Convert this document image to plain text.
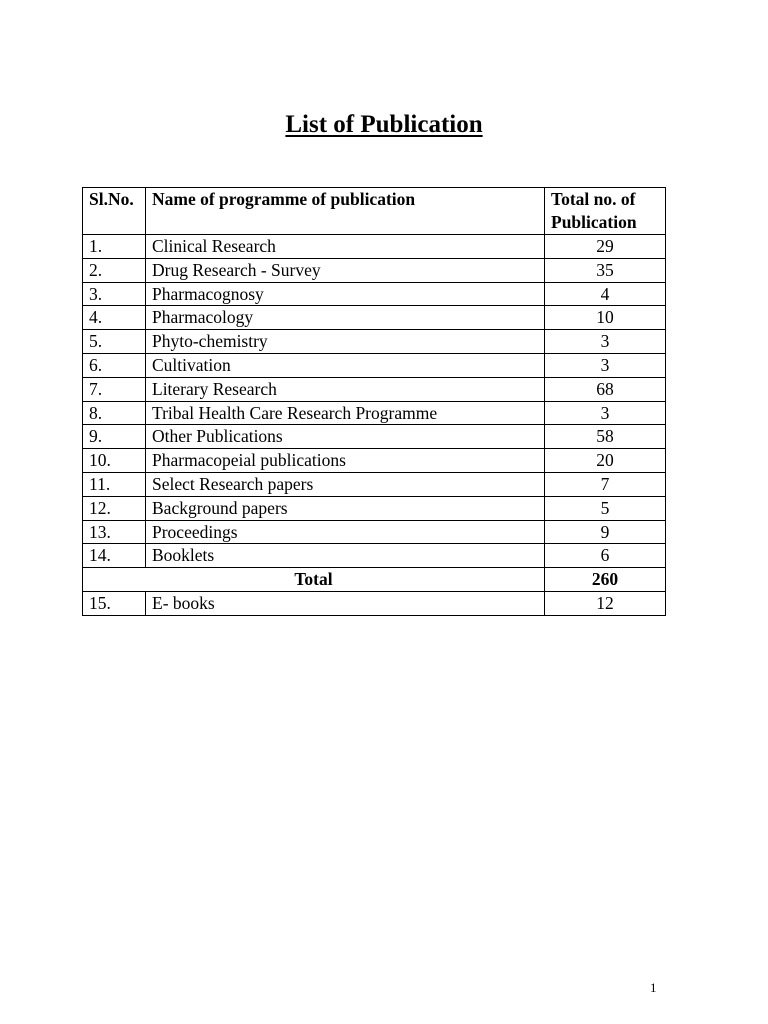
List of Publication
Sl.No.	Name of programme of publication	Total no. of Publication
1.	Clinical Research	29
2.	Drug Research - Survey	35
3.	Pharmacognosy	4
4.	Pharmacology	10
5.	Phyto-chemistry	3
6.	Cultivation	3
7.	Literary Research	68
8.	Tribal Health Care Research Programme	3
9.	Other Publications	58
10.	Pharmacopeial publications	20
11.	Select Research papers	7
12.	Background papers	5
13.	Proceedings	9
14.	Booklets	6
Total		260
15.	E- books	12
1
